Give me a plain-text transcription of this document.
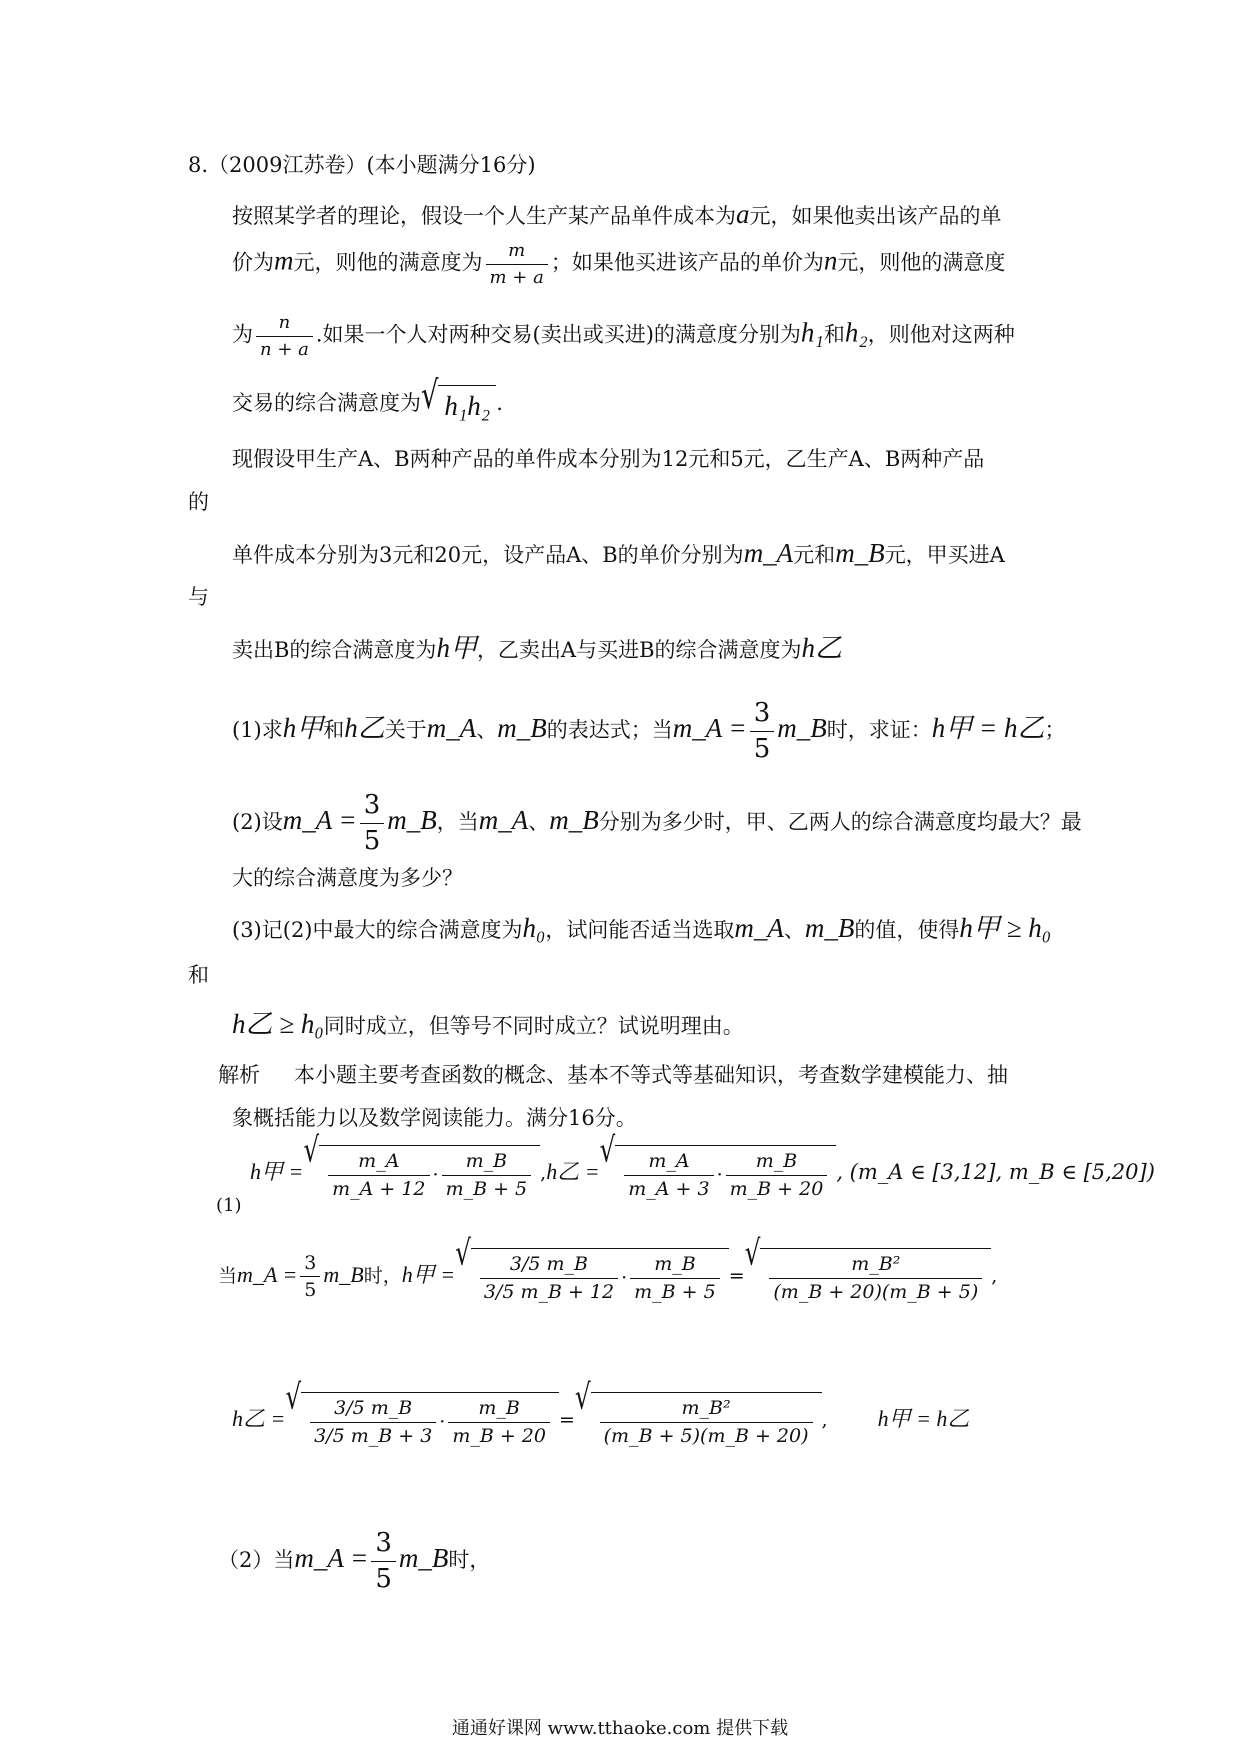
8.（2009江苏卷）(本小题满分16分)
按照某学者的理论，假设一个人生产某产品单件成本为a元，如果他卖出该产品的单
价为m元，则他的满意度为 $\frac{m}{m + a}$ ；如果他买进该产品的单价为n元，则他的满意度
为 $\frac{n}{n + a}$ .如果一个人对两种交易(卖出或买进)的满意度分别为h₁和h₂，则他对这两种
交易的综合满意度为 √ h₁h₂ .
现假设甲生产A、B两种产品的单件成本分别为12元和5元，乙生产A、B两种产品
的
单件成本分别为3元和20元，设产品A、B的单价分别为m_A元和m_B元，甲买进A
与
卖出B的综合满意度为h甲，乙卖出A与买进B的综合满意度为h乙
(1)求h甲和h乙关于m_A、m_B的表达式；当m_A = $\frac{3}{5}$ m_B时，求证：h甲 = h乙；
(2)设m_A = $\frac{3}{5}$ m_B，当m_A、m_B分别为多少时，甲、乙两人的综合满意度均最大？最
大的综合满意度为多少？
(3)记(2)中最大的综合满意度为h₀，试问能否适当选取m_A、m_B的值，使得h甲 ≥ h₀
和
h乙 ≥ h₀同时成立，但等号不同时成立？试说明理由。
解析 本小题主要考查函数的概念、基本不等式等基础知识，考查数学建模能力、抽
象概括能力以及数学阅读能力。满分16分。
(1)
h甲 =
√
$\frac{m\_A}{m\_A + 12} \cdot \frac{m\_B}{m\_B + 5} ,h$乙 =
√
$\frac{m\_A}{m\_A + 3} \cdot \frac{m\_B}{m\_B + 20}$ , (m_A ∈ [3,12], m_B ∈ [5,20])
当m_A = $\frac{3}{5}$ m_B时，h甲 =
√
$\frac{3/5 m\_B}{3/5 m\_B + 12} \cdot \frac{m\_B}{m\_B + 5}$ =
√
$\frac{\text{m\_B²}}{(m\_B + 20)(m\_B + 5)}$ ,
h乙 =
√
$\frac{3/5 m\_B}{3/5 m\_B + 3} \cdot \frac{m\_B}{m\_B + 20}$ =
√
$\frac{\text{m\_B²}}{(m\_B + 5)(m\_B + 20)}$ , h甲 = h乙
（2）当m_A = $\frac{3}{5}$ m_B时，
通通好课网 www.tthaoke.com 提供下载
